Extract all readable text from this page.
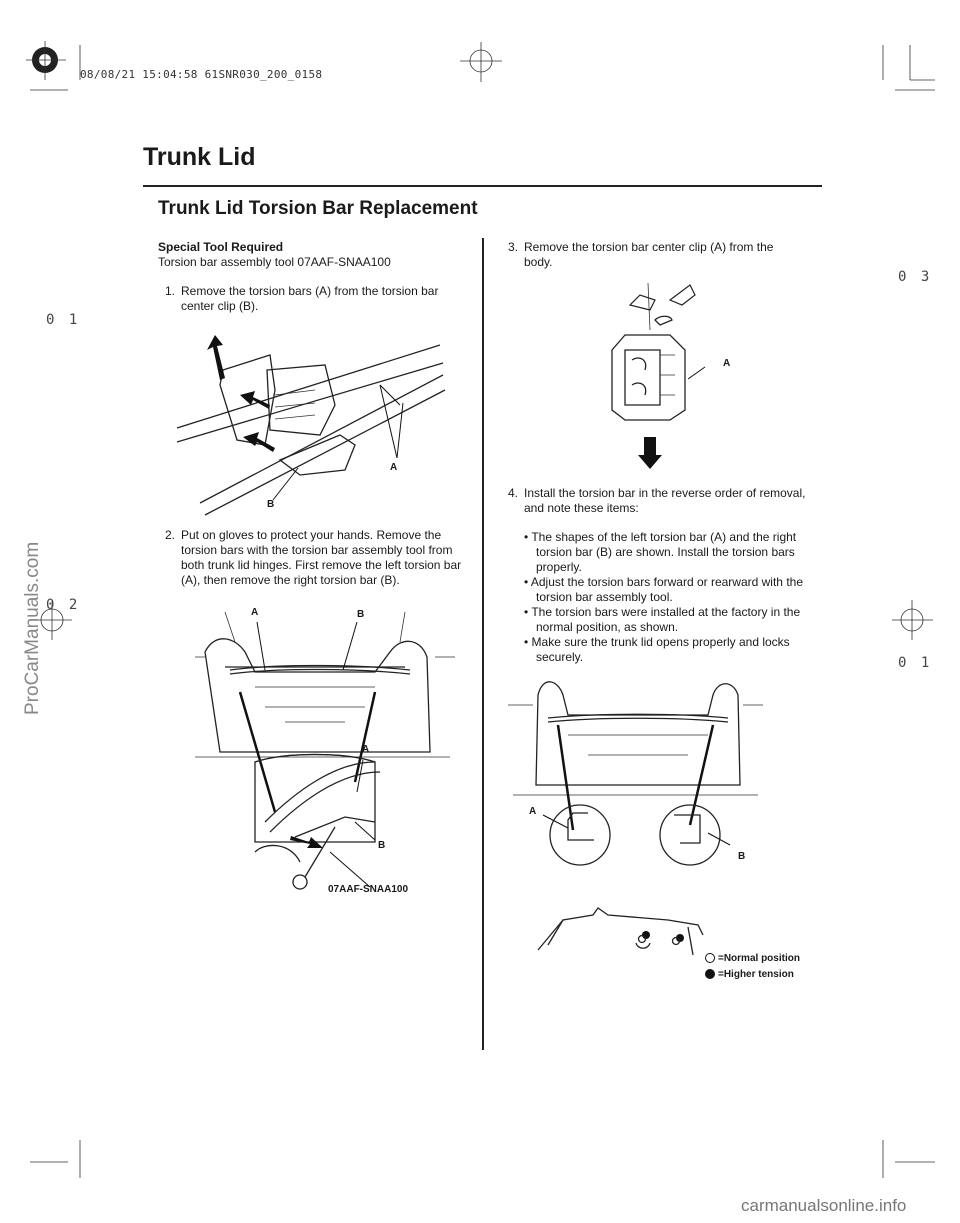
08/08/21 15:04:58 61SNR030_200_0158
0 1
0 2
0 3
0 1
ProCarManuals.com
Trunk Lid
Trunk Lid Torsion Bar Replacement
Special Tool Required
Torsion bar assembly tool 07AAF-SNAA100
1. Remove the torsion bars (A) from the torsion bar center clip (B).
2. Put on gloves to protect your hands. Remove the torsion bars with the torsion bar assembly tool from both trunk lid hinges. First remove the left torsion bar (A), then remove the right torsion bar (B).
3. Remove the torsion bar center clip (A) from the body.
4. Install the torsion bar in the reverse order of removal, and note these items:
• The shapes of the left torsion bar (A) and the right torsion bar (B) are shown. Install the torsion bars properly.
• Adjust the torsion bars forward or rearward with the torsion bar assembly tool.
• The torsion bars were installed at the factory in the normal position, as shown.
• Make sure the trunk lid opens properly and locks securely.
A
B
A	B
A
B
07AAF-SNAA100
A
A
B
=Normal position
=Higher tension
carmanualsonline.info
